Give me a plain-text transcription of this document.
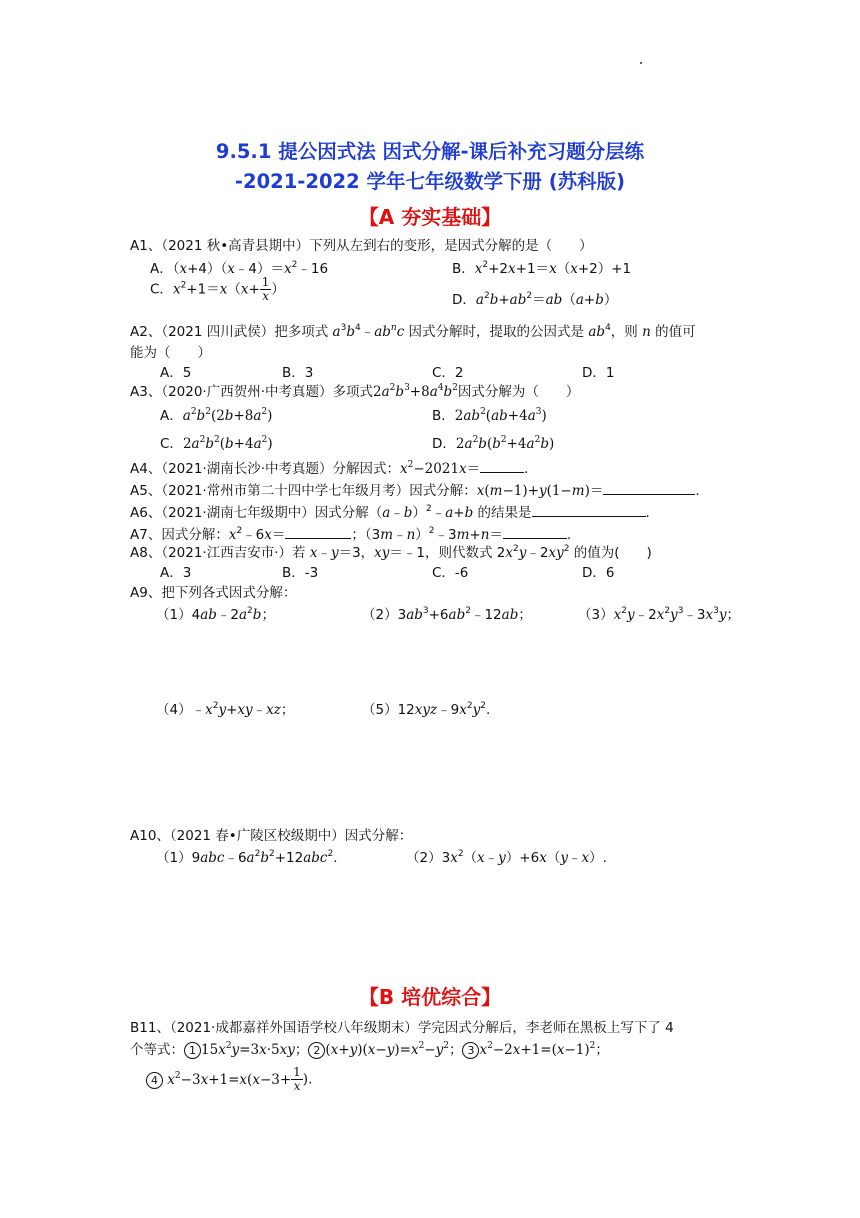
9.5.1 提公因式法 因式分解-课后补充习题分层练
-2021-2022 学年七年级数学下册 (苏科版)
【A 夯实基础】
A1、（2021 秋•高青县期中）下列从左到右的变形，是因式分解的是（　　）
A．$(x+4)(x﹣4)=x^2﹣16$	B．$x^2+2x+1=x(x+2)+1$
C．$x^2+1=x(x+ \frac{1}{x}$ ）
D．$a^2b+ab^2=ab(a+b)$
A2、（2021 四川武侯）把多项式 $a^3b^4﹣ab^nc$ 因式分解时，提取的公因式是 $ab^4$，则 n 的值可
能为（　　）
A．5	B．3	C．2	D．1
A3、（2020·广西贺州·中考真题）多项式$2a^2b^3+8a^4b^2$因式分解为（　　）
A．$a^2b^2(2b+8a^2)$	B．$2ab^2(ab+4a^3)$
C．$2a^2b^2(b+4a^2)$	D．$2a^2b(b^2+4a^2b)$
A4、（2021·湖南长沙·中考真题）分解因式：$x^2-2021x=$	.
A5、（2021·常州市第二十四中学七年级月考）因式分解：x(m−1)+y(1−m)＝	.
A6、（2021·湖南七年级期中）因式分解（a﹣b）$^2$﹣a+b 的结果是	.
A7、因式分解：$x^2﹣6x=$	；（3m﹣n）$^2$﹣3m+n＝	.
A8、（2021·江西吉安市·）若 x﹣y＝3，xy＝﹣1，则代数式 $2x^2y﹣2xy^2$ 的值为(　　)
A．3	B．-3	C．-6	D．6
A9、把下列各式因式分解：
$(1)4ab﹣2a^2b$；	$(2)3ab^3+6ab^2﹣12ab$；	$(3)x^2y﹣2x^2y^3﹣3x^3y$；
$(4)﹣x^2y+xy﹣xz$；	$(5)12xyz﹣9x^2y^2$.
A10、（2021 春•广陵区校级期中）因式分解：
$(1)9abc﹣6a^2b^2+12abc^2$.	$(2)3x^2(x﹣y)+6x(y﹣x)$.
【B 培优综合】
B11、（2021·成都嘉祥外国语学校八年级期末）学完因式分解后，李老师在黑板上写下了 4
个等式： 1 $15x^2y=3x\cdot 5xy$； 2 $(x+y)(x-y)=x^2-y^2$； 3 $x^2-2x+1=(x-1)^2$；
4 $x^2-3x+1=x(x-3+ \frac{1}{x}$ ).
